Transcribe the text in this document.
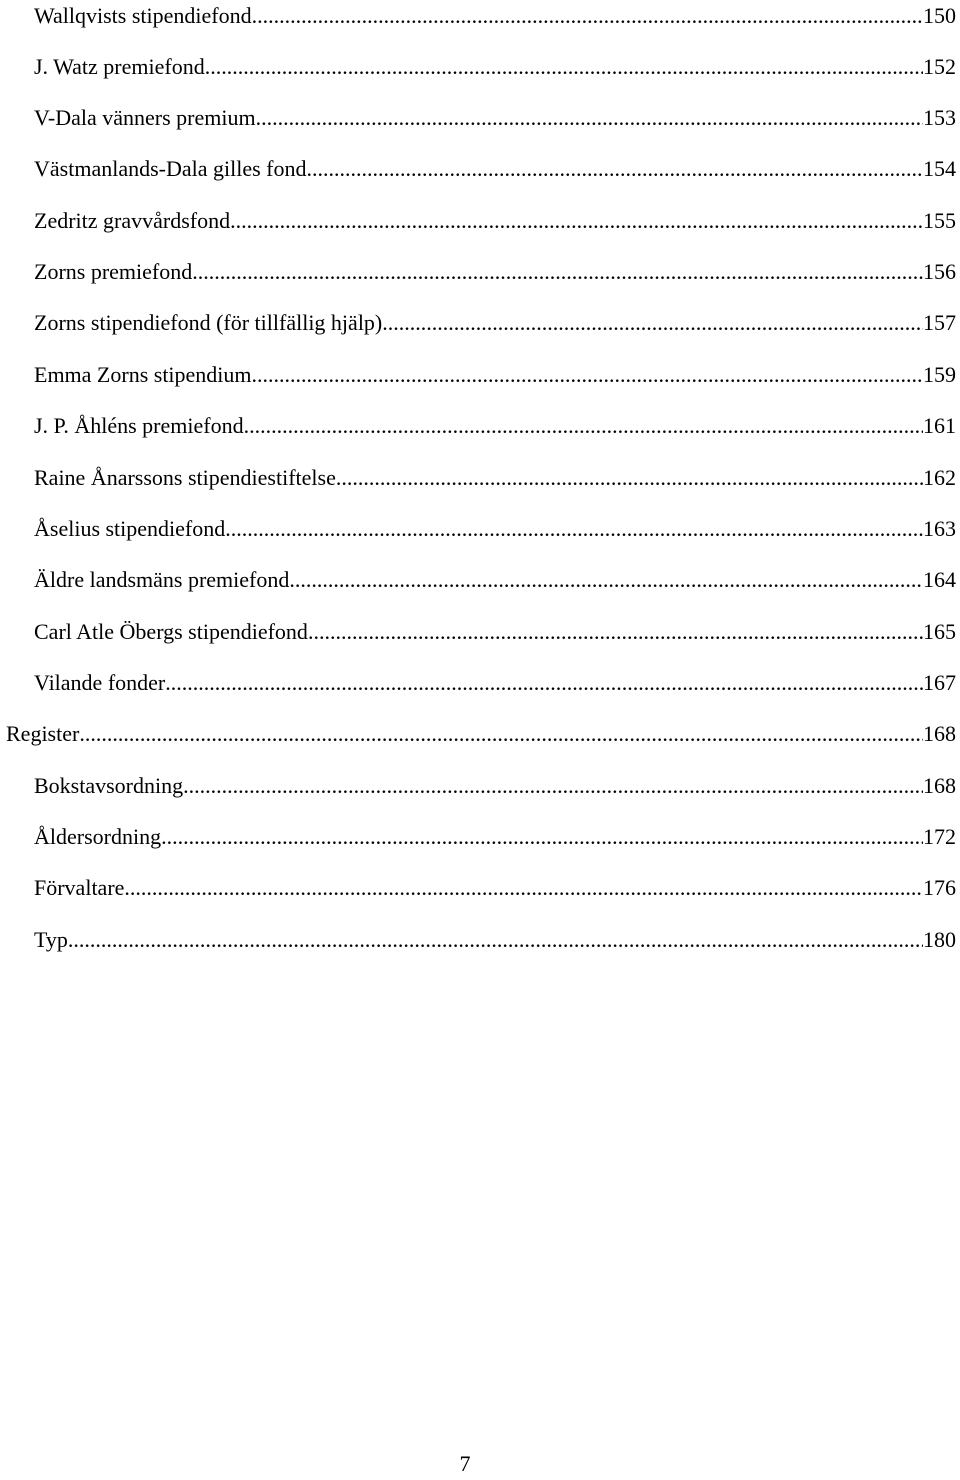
Wallqvists stipendiefond .....	150
J. Watz premiefond .....	152
V-Dala vänners premium .....	153
Västmanlands-Dala gilles fond .....	154
Zedritz gravvårdsfond .....	155
Zorns premiefond .....	156
Zorns stipendiefond (för tillfällig hjälp) .....	157
Emma Zorns stipendium .....	159
J. P. Åhléns premiefond .....	161
Raine Ånarssons stipendiestiftelse .....	162
Åselius stipendiefond .....	163
Äldre landsmäns premiefond .....	164
Carl Atle Öbergs stipendiefond .....	165
Vilande fonder .....	167
Register .....	168
Bokstavsordning .....	168
Åldersordning .....	172
Förvaltare .....	176
Typ .....	180
7
